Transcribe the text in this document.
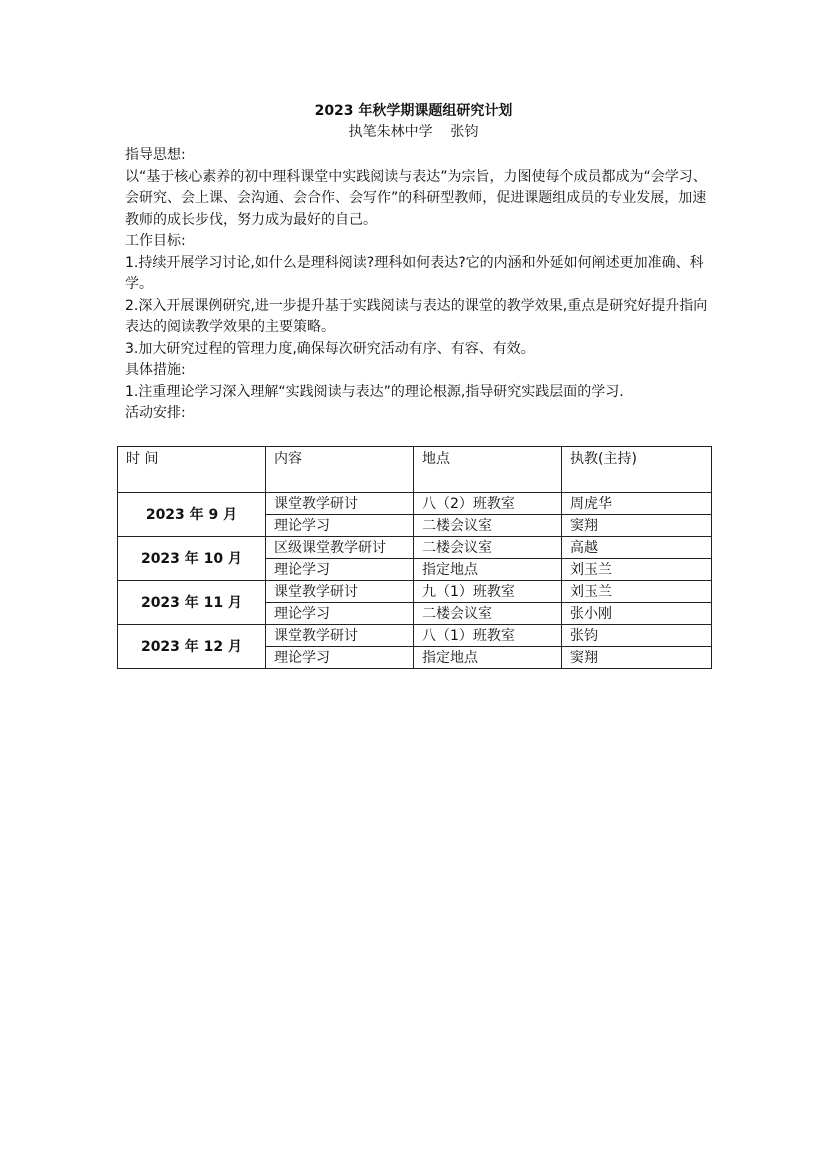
2023 年秋学期课题组研究计划
执笔朱林中学    张钧

指导思想:

以“基于核心素养的初中理科课堂中实践阅读与表达”为宗旨，力图使每个成员都成为“会学习、会研究、会上课、会沟通、会合作、会写作”的科研型教师，促进课题组成员的专业发展，加速教师的成长步伐，努力成为最好的自己。

工作目标:

1.持续开展学习讨论,如什么是理科阅读?理科如何表达?它的内涵和外延如何阐述更加准确、科学。

2.深入开展课例研究,进一步提升基于实践阅读与表达的课堂的教学效果,重点是研究好提升指向表达的阅读教学效果的主要策略。

3.加大研究过程的管理力度,确保每次研究活动有序、有容、有效。

具体措施:

1.注重理论学习深入理解“实践阅读与表达”的理论根源,指导研究实践层面的学习.

活动安排:

时 间	内容	地点	执教(主持)
2023 年 9 月	课堂教学研讨	八（2）班教室	周虎华
	理论学习	二楼会议室	窦翔
2023 年 10 月	区级课堂教学研讨	二楼会议室	高越
	理论学习	指定地点	刘玉兰
2023 年 11 月	课堂教学研讨	九（1）班教室	刘玉兰
	理论学习	二楼会议室	张小刚
2023 年 12 月	课堂教学研讨	八（1）班教室	张钧
	理论学习	指定地点	窦翔
